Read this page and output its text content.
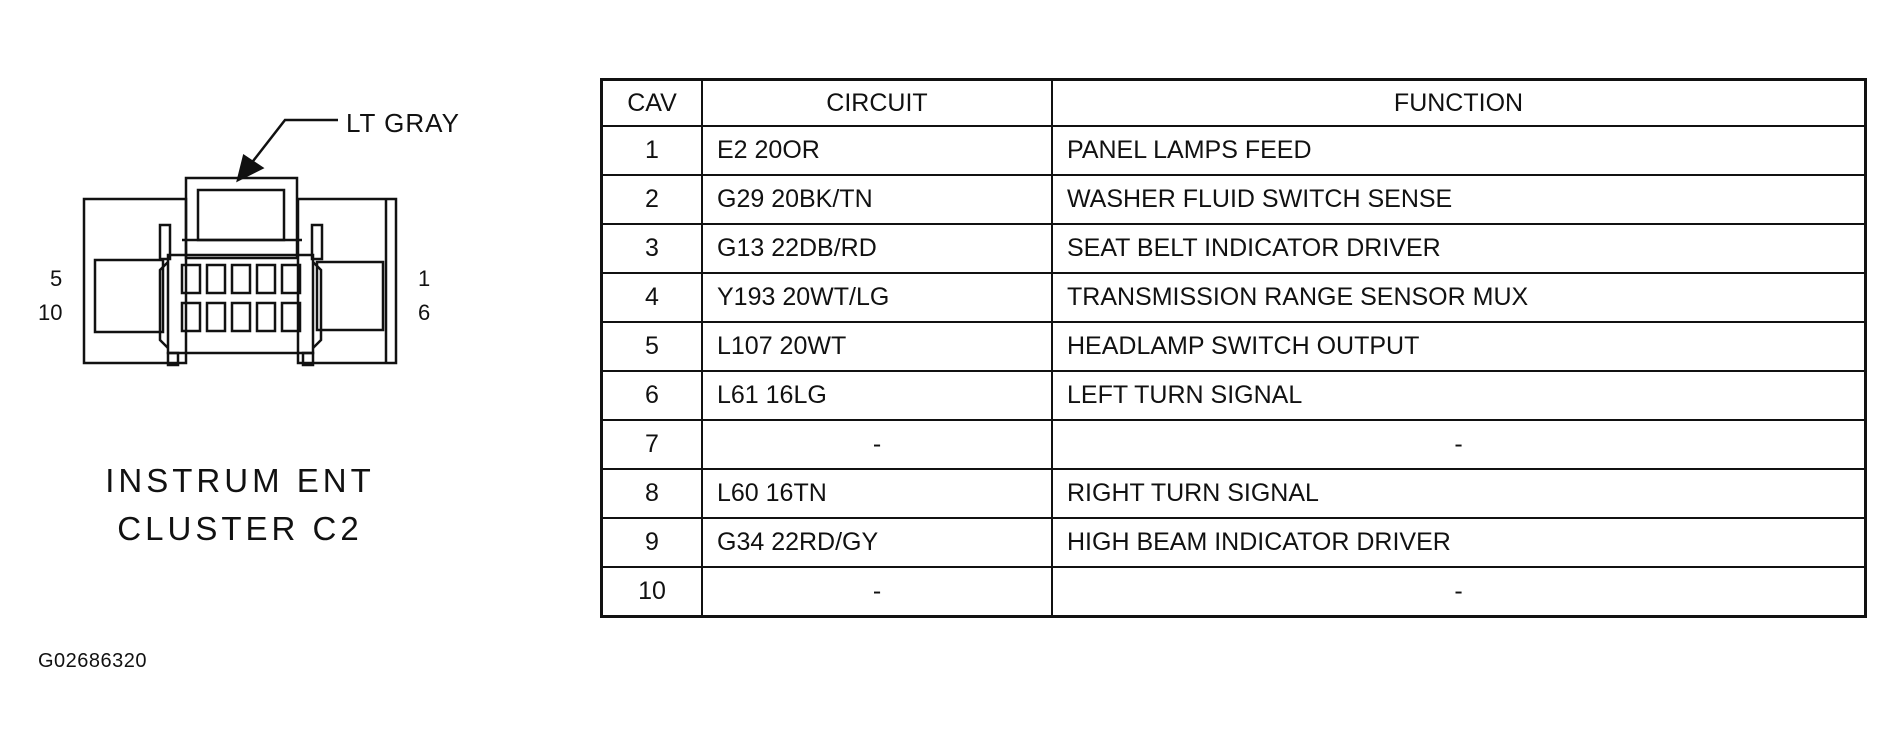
LT GRAY
5
10
1
6
INSTRUM ENT
CLUSTER C2
G02686320
CAV	CIRCUIT	FUNCTION
1	E2 20OR	PANEL LAMPS FEED
2	G29 20BK/TN	WASHER FLUID SWITCH SENSE
3	G13 22DB/RD	SEAT BELT INDICATOR DRIVER
4	Y193 20WT/LG	TRANSMISSION RANGE SENSOR MUX
5	L107 20WT	HEADLAMP SWITCH OUTPUT
6	L61 16LG	LEFT TURN SIGNAL
7	-	-
8	L60 16TN	RIGHT TURN SIGNAL
9	G34 22RD/GY	HIGH BEAM INDICATOR DRIVER
10	-	-
